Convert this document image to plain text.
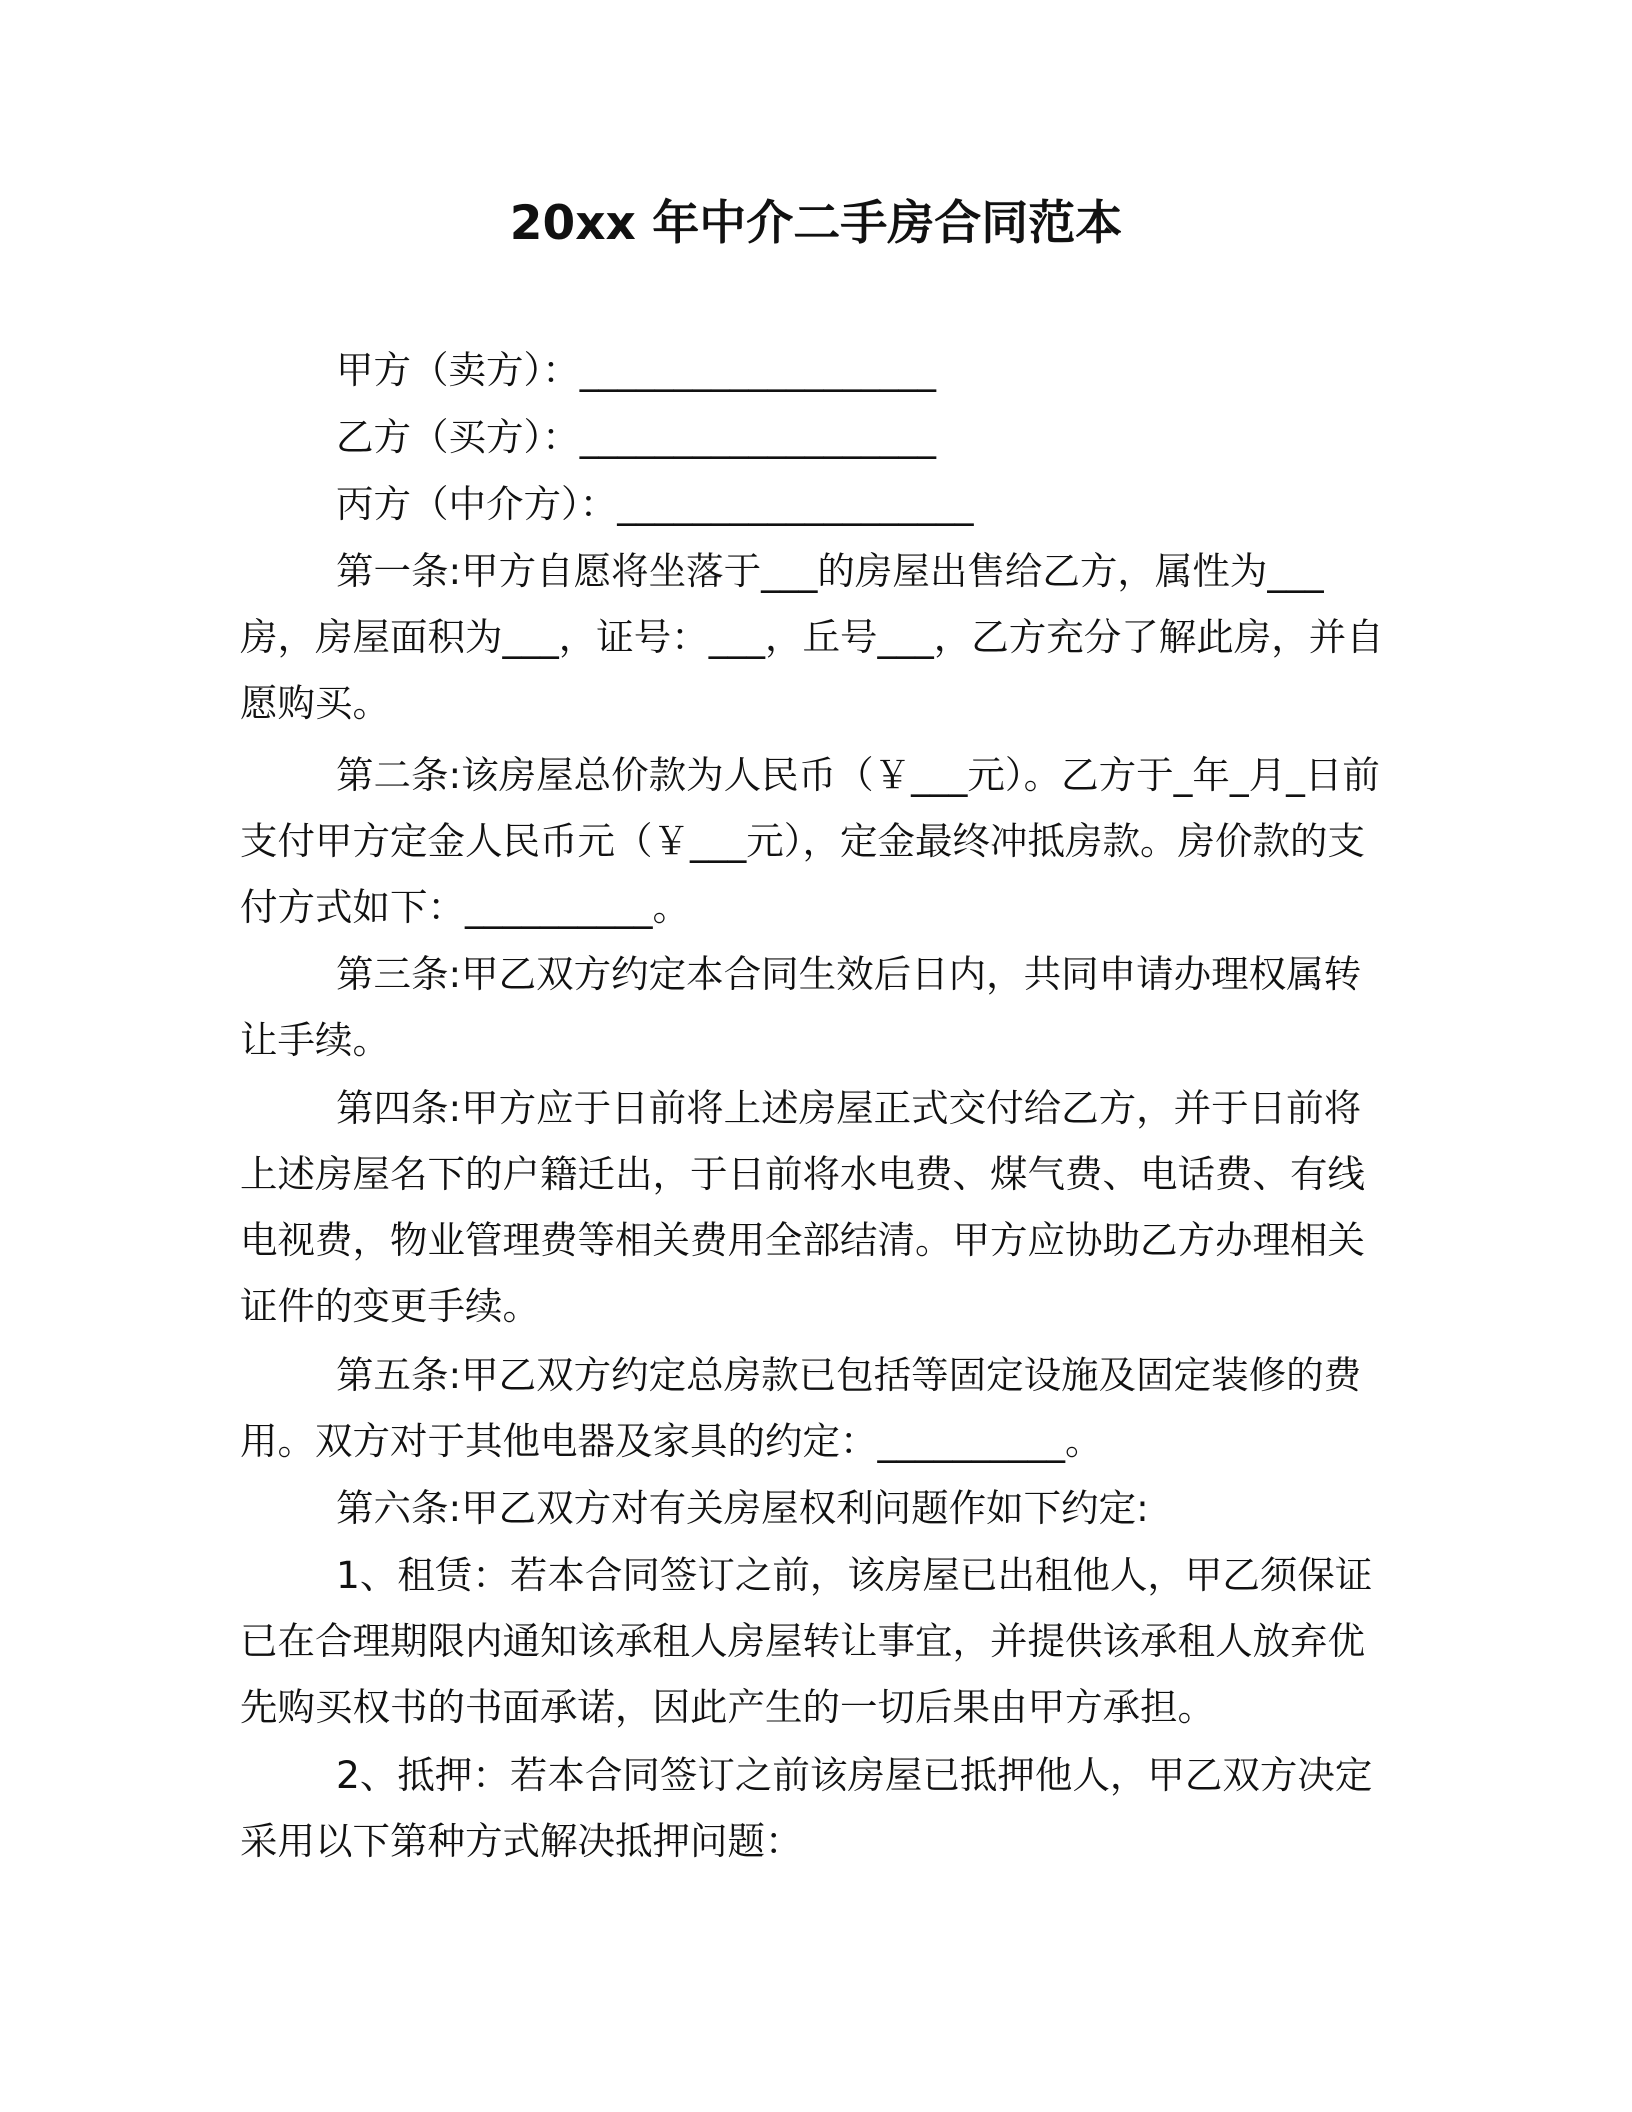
20xx 年中介二手房合同范本
甲方（卖方）：___________________
乙方（买方）：___________________
丙方（中介方）：___________________
第一条:甲方自愿将坐落于___的房屋出售给乙方，属性为___房，房屋面积为___，证号：___，丘号___，乙方充分了解此房，并自愿购买。
第二条:该房屋总价款为人民币（￥___元）。乙方于_年_月_日前支付甲方定金人民币元（￥___元），定金最终冲抵房款。房价款的支付方式如下：__________。
第三条:甲乙双方约定本合同生效后日内，共同申请办理权属转让手续。
第四条:甲方应于日前将上述房屋正式交付给乙方，并于日前将上述房屋名下的户籍迁出，于日前将水电费、煤气费、电话费、有线电视费，物业管理费等相关费用全部结清。甲方应协助乙方办理相关证件的变更手续。
第五条:甲乙双方约定总房款已包括等固定设施及固定装修的费用。双方对于其他电器及家具的约定：__________。
第六条:甲乙双方对有关房屋权利问题作如下约定:
1、租赁：若本合同签订之前，该房屋已出租他人，甲乙须保证已在合理期限内通知该承租人房屋转让事宜，并提供该承租人放弃优先购买权书的书面承诺，因此产生的一切后果由甲方承担。
2、抵押：若本合同签订之前该房屋已抵押他人，甲乙双方决定采用以下第种方式解决抵押问题：
